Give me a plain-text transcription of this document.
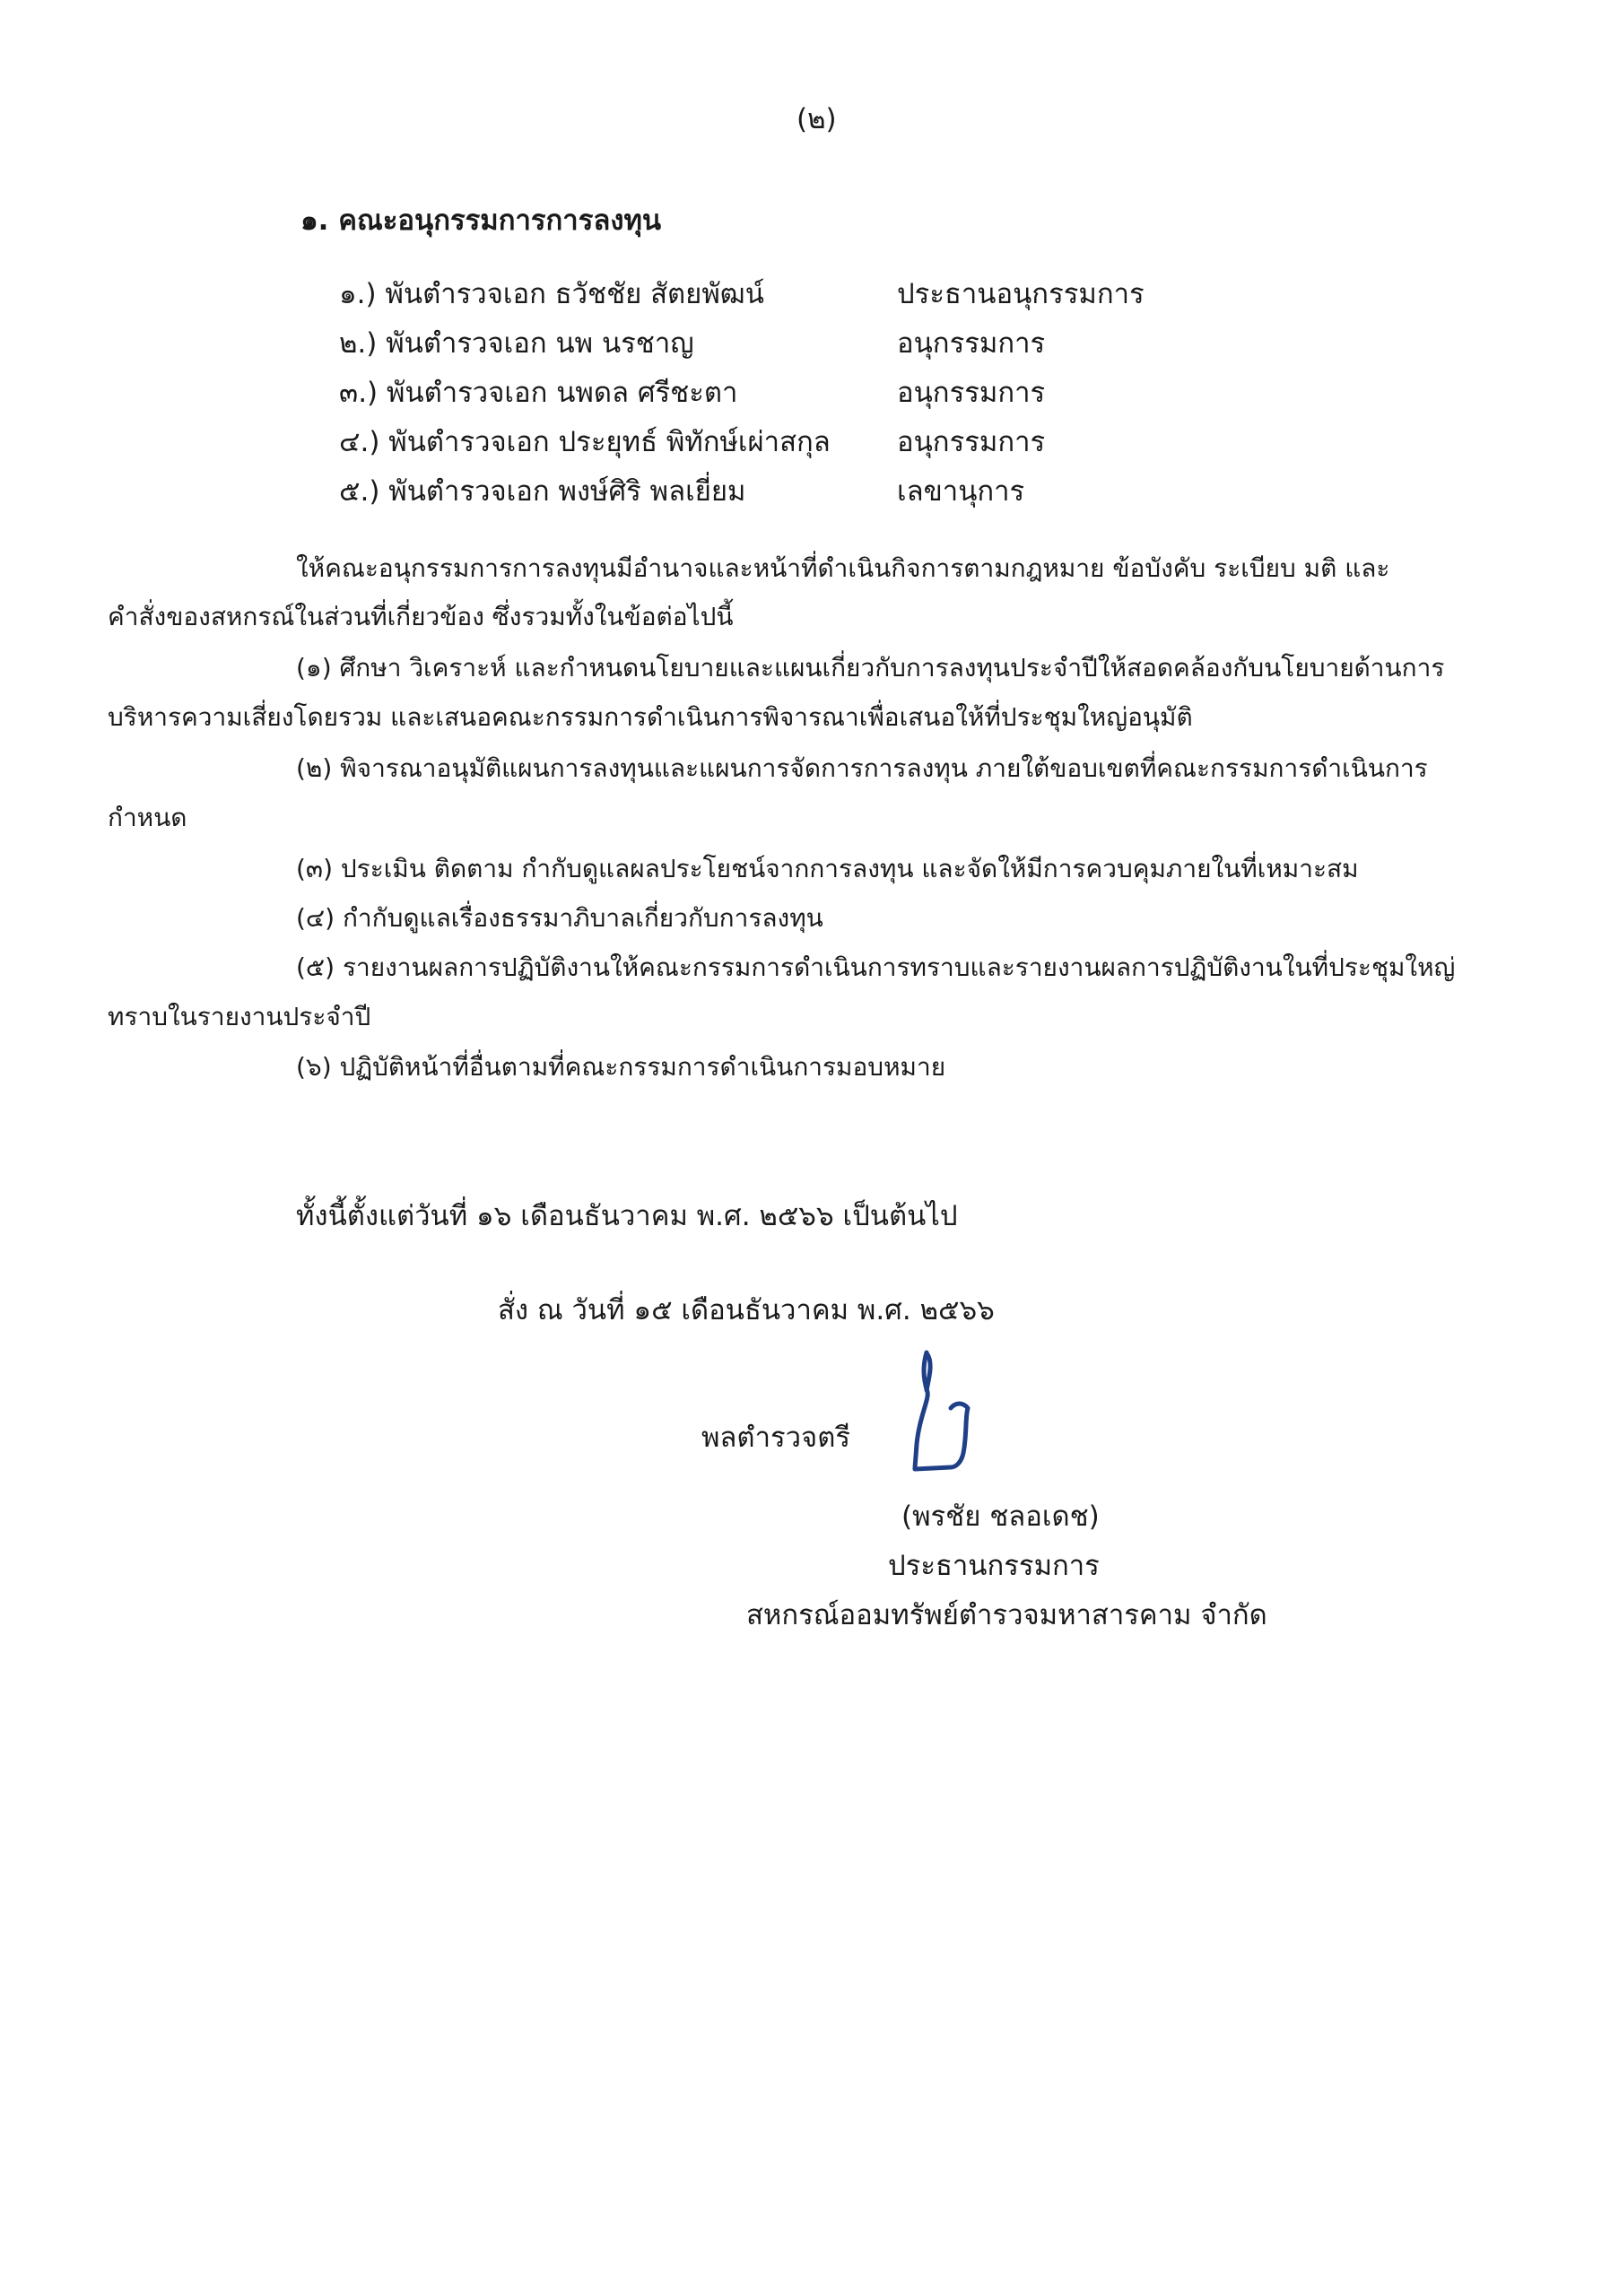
(๒)
๑. คณะอนุกรรมการการลงทุน
๑.) พันตำรวจเอก ธวัชชัย สัตยพัฒน์	ประธานอนุกรรมการ
๒.) พันตำรวจเอก นพ นรชาญ	อนุกรรมการ
๓.) พันตำรวจเอก นพดล ศรีชะตา	อนุกรรมการ
๔.) พันตำรวจเอก ประยุทธ์ พิทักษ์เผ่าสกุล อนุกรรมการ
๕.) พันตำรวจเอก พงษ์ศิริ พลเยี่ยม	เลขานุการ
ให้คณะอนุกรรมการการลงทุนมีอำนาจและหน้าที่ดำเนินกิจการตามกฎหมาย ข้อบังคับ ระเบียบ มติ และ
คำสั่งของสหกรณ์ในส่วนที่เกี่ยวข้อง ซึ่งรวมทั้งในข้อต่อไปนี้
(๑) ศึกษา วิเคราะห์ และกำหนดนโยบายและแผนเกี่ยวกับการลงทุนประจำปีให้สอดคล้องกับนโยบายด้านการ
บริหารความเสี่ยงโดยรวม และเสนอคณะกรรมการดำเนินการพิจารณาเพื่อเสนอให้ที่ประชุมใหญ่อนุมัติ
(๒) พิจารณาอนุมัติแผนการลงทุนและแผนการจัดการการลงทุน ภายใต้ขอบเขตที่คณะกรรมการดำเนินการ
กำหนด
(๓) ประเมิน ติดตาม กำกับดูแลผลประโยชน์จากการลงทุน และจัดให้มีการควบคุมภายในที่เหมาะสม
(๔) กำกับดูแลเรื่องธรรมาภิบาลเกี่ยวกับการลงทุน
(๕) รายงานผลการปฏิบัติงานให้คณะกรรมการดำเนินการทราบและรายงานผลการปฏิบัติงานในที่ประชุมใหญ่
ทราบในรายงานประจำปี
(๖) ปฏิบัติหน้าที่อื่นตามที่คณะกรรมการดำเนินการมอบหมาย
ทั้งนี้ตั้งแต่วันที่ ๑๖ เดือนธันวาคม พ.ศ. ๒๕๖๖ เป็นต้นไป
สั่ง ณ วันที่ ๑๕ เดือนธันวาคม พ.ศ. ๒๕๖๖
พลตำรวจตรี
(พรชัย ชลอเดช)
ประธานกรรมการ
สหกรณ์ออมทรัพย์ตำรวจมหาสารคาม จำกัด
